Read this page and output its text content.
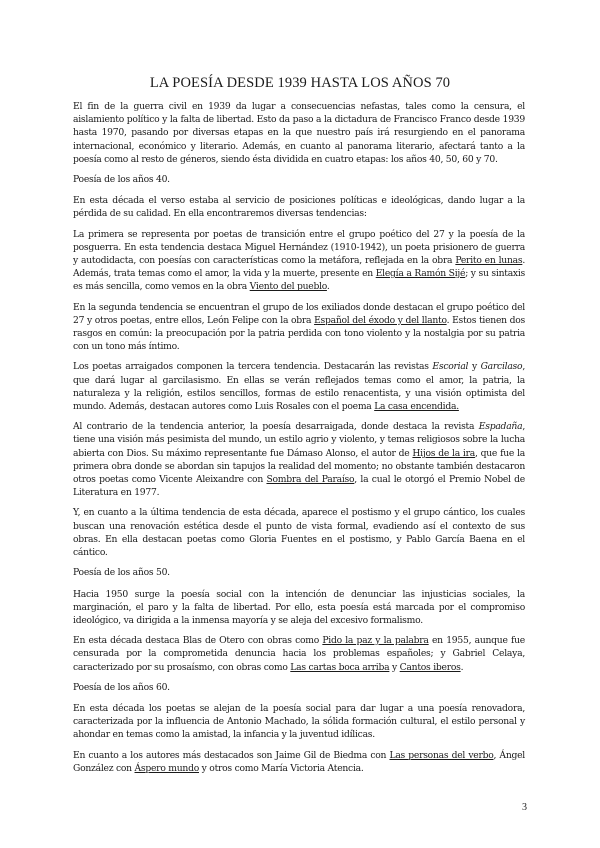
LA POESÍA DESDE 1939 HASTA LOS AÑOS 70

El fin de la guerra civil en 1939 da lugar a consecuencias nefastas, tales como la censura, el aislamiento político y la falta de libertad. Esto da paso a la dictadura de Francisco Franco desde 1939 hasta 1970, pasando por diversas etapas en la que nuestro país irá resurgiendo en el panorama internacional, económico y literario. Además, en cuanto al panorama literario, afectará tanto a la poesía como al resto de géneros, siendo ésta dividida en cuatro etapas: los años 40, 50, 60 y 70.

Poesía de los años 40.

En esta década el verso estaba al servicio de posiciones políticas e ideológicas, dando lugar a la pérdida de su calidad. En ella encontraremos diversas tendencias:

La primera se representa por poetas de transición entre el grupo poético del 27 y la poesía de la posguerra. En esta tendencia destaca Miguel Hernández (1910-1942), un poeta prisionero de guerra y autodidacta, con poesías con características como la metáfora, reflejada en la obra Perito en lunas. Además, trata temas como el amor, la vida y la muerte, presente en Elegía a Ramón Sijé; y su sintaxis es más sencilla, como vemos en la obra Viento del pueblo.

En la segunda tendencia se encuentran el grupo de los exiliados donde destacan el grupo poético del 27 y otros poetas, entre ellos, León Felipe con la obra Español del éxodo y del llanto. Estos tienen dos rasgos en común: la preocupación por la patria perdida con tono violento y la nostalgia por su patria con un tono más íntimo.

Los poetas arraigados componen la tercera tendencia. Destacarán las revistas Escorial y Garcilaso, que dará lugar al garcilasismo. En ellas se verán reflejados temas como el amor, la patria, la naturaleza y la religión, estilos sencillos, formas de estilo renacentista, y una visión optimista del mundo. Además, destacan autores como Luis Rosales con el poema La casa encendida.

Al contrario de la tendencia anterior, la poesía desarraigada, donde destaca la revista Espadaña, tiene una visión más pesimista del mundo, un estilo agrio y violento, y temas religiosos sobre la lucha abierta con Dios. Su máximo representante fue Dámaso Alonso, el autor de Hijos de la ira, que fue la primera obra donde se abordan sin tapujos la realidad del momento; no obstante también destacaron otros poetas como Vicente Aleixandre con Sombra del Paraíso, la cual le otorgó el Premio Nobel de Literatura en 1977.

Y, en cuanto a la última tendencia de esta década, aparece el postismo y el grupo cántico, los cuales buscan una renovación estética desde el punto de vista formal, evadiendo así el contexto de sus obras. En ella destacan poetas como Gloria Fuentes en el postismo, y Pablo García Baena en el cántico.

Poesía de los años 50.

Hacia 1950 surge la poesía social con la intención de denunciar las injusticias sociales, la marginación, el paro y la falta de libertad. Por ello, esta poesía está marcada por el compromiso ideológico, va dirigida a la inmensa mayoría y se aleja del excesivo formalismo.

En esta década destaca Blas de Otero con obras como Pido la paz y la palabra en 1955, aunque fue censurada por la comprometida denuncia hacia los problemas españoles; y Gabriel Celaya, caracterizado por su prosaísmo, con obras como Las cartas boca arriba y Cantos iberos.

Poesía de los años 60.

En esta década los poetas se alejan de la poesía social para dar lugar a una poesía renovadora, caracterizada por la influencia de Antonio Machado, la sólida formación cultural, el estilo personal y ahondar en temas como la amistad, la infancia y la juventud idílicas.

En cuanto a los autores más destacados son Jaime Gil de Biedma con Las personas del verbo, Ángel González con Áspero mundo y otros como María Victoria Atencia.

3
